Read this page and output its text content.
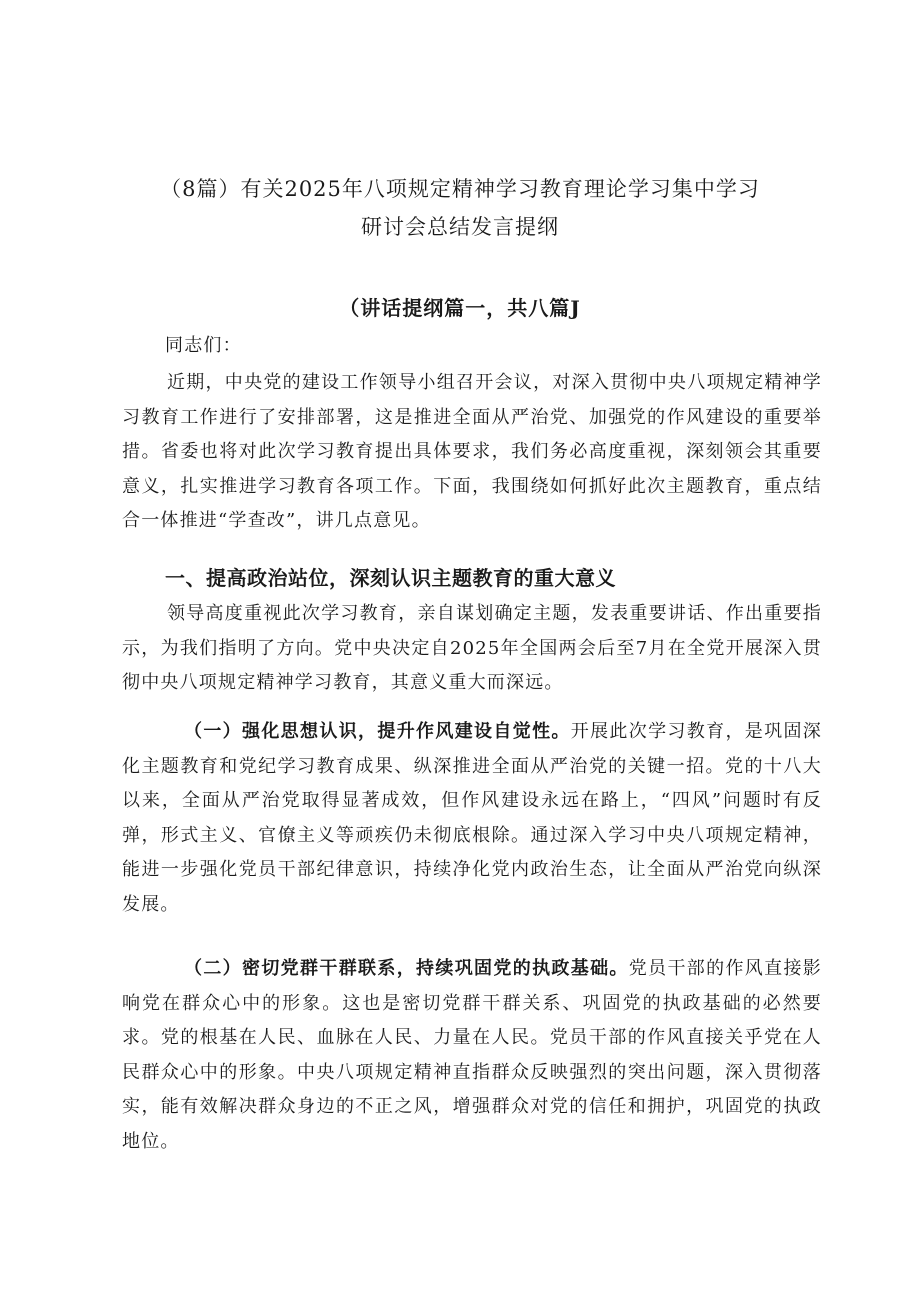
（8篇）有关2025年八项规定精神学习教育理论学习集中学习
研讨会总结发言提纲
（讲话提纲篇一，共八篇J

同志们：

近期，中央党的建设工作领导小组召开会议，对深入贯彻中央八项规定精神学习教育工作进行了安排部署，这是推进全面从严治党、加强党的作风建设的重要举措。省委也将对此次学习教育提出具体要求，我们务必高度重视，深刻领会其重要意义，扎实推进学习教育各项工作。下面，我围绕如何抓好此次主题教育，重点结合一体推进“学查改”，讲几点意见。

一、提高政治站位，深刻认识主题教育的重大意义

领导高度重视此次学习教育，亲自谋划确定主题，发表重要讲话、作出重要指示，为我们指明了方向。党中央决定自2025年全国两会后至7月在全党开展深入贯彻中央八项规定精神学习教育，其意义重大而深远。

（一）强化思想认识，提升作风建设自觉性。开展此次学习教育，是巩固深化主题教育和党纪学习教育成果、纵深推进全面从严治党的关键一招。党的十八大以来，全面从严治党取得显著成效，但作风建设永远在路上，“四风”问题时有反弹，形式主义、官僚主义等顽疾仍未彻底根除。通过深入学习中央八项规定精神，能进一步强化党员干部纪律意识，持续净化党内政治生态，让全面从严治党向纵深发展。

（二）密切党群干群联系，持续巩固党的执政基础。党员干部的作风直接影响党在群众心中的形象。这也是密切党群干群关系、巩固党的执政基础的必然要求。党的根基在人民、血脉在人民、力量在人民。党员干部的作风直接关乎党在人民群众心中的形象。中央八项规定精神直指群众反映强烈的突出问题，深入贯彻落实，能有效解决群众身边的不正之风，增强群众对党的信任和拥护，巩固党的执政地位。
